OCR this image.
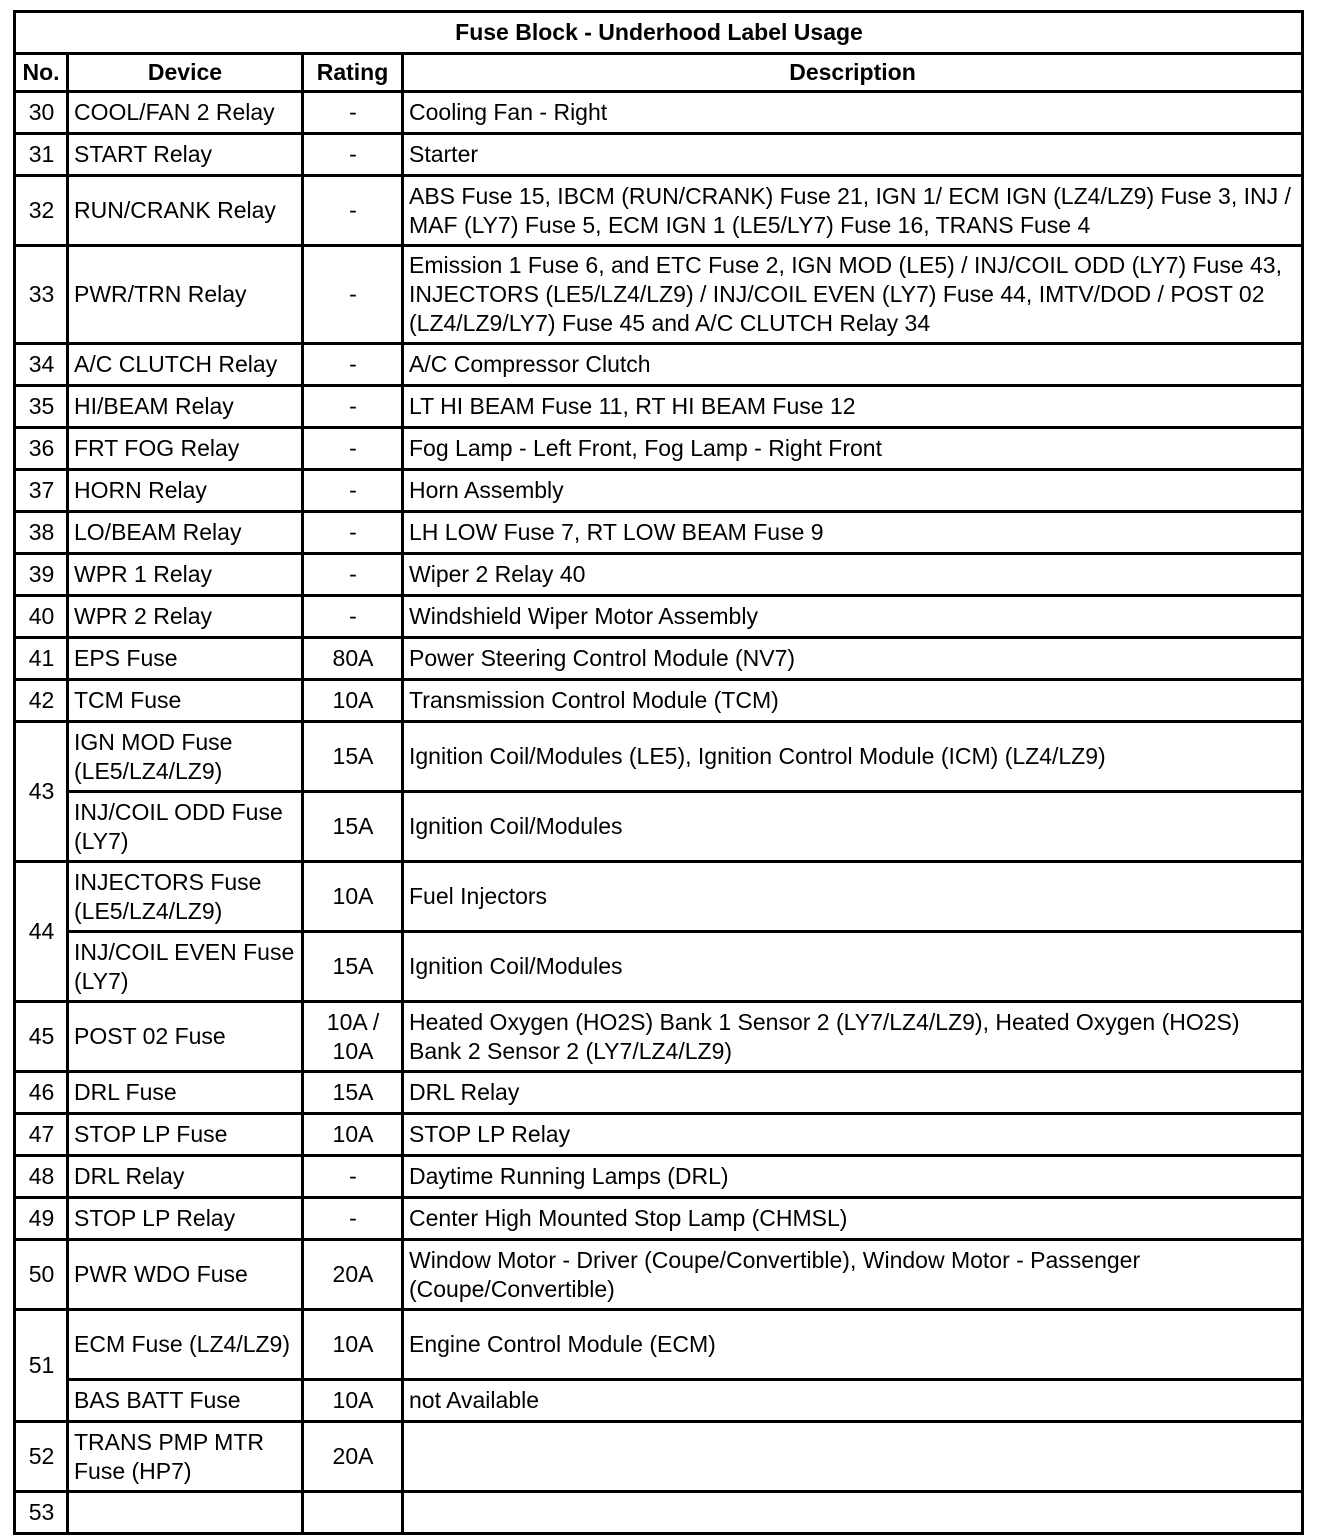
Fuse Block - Underhood Label Usage			
No.	Device	Rating	Description
30	COOL/FAN 2 Relay	-	Cooling Fan - Right
31	START Relay	-	Starter
32	RUN/CRANK Relay	-	ABS Fuse 15, IBCM (RUN/CRANK) Fuse 21, IGN 1/ ECM IGN (LZ4/LZ9) Fuse 3, INJ / MAF (LY7) Fuse 5, ECM IGN 1 (LE5/LY7) Fuse 16, TRANS Fuse 4
33	PWR/TRN Relay	-	Emission 1 Fuse 6, and ETC Fuse 2, IGN MOD (LE5) / INJ/COIL ODD (LY7) Fuse 43, INJECTORS (LE5/LZ4/LZ9) / INJ/COIL EVEN (LY7) Fuse 44, IMTV/DOD / POST 02 (LZ4/LZ9/LY7) Fuse 45 and A/C CLUTCH Relay 34
34	A/C CLUTCH Relay	-	A/C Compressor Clutch
35	HI/BEAM Relay	-	LT HI BEAM Fuse 11, RT HI BEAM Fuse 12
36	FRT FOG Relay	-	Fog Lamp - Left Front, Fog Lamp - Right Front
37	HORN Relay	-	Horn Assembly
38	LO/BEAM Relay	-	LH LOW Fuse 7, RT LOW BEAM Fuse 9
39	WPR 1 Relay	-	Wiper 2 Relay 40
40	WPR 2 Relay	-	Windshield Wiper Motor Assembly
41	EPS Fuse	80A	Power Steering Control Module (NV7)
42	TCM Fuse	10A	Transmission Control Module (TCM)
43	IGN MOD Fuse (LE5/LZ4/LZ9)	15A	Ignition Coil/Modules (LE5), Ignition Control Module (ICM) (LZ4/LZ9)
	INJ/COIL ODD Fuse (LY7)	15A	Ignition Coil/Modules
44	INJECTORS Fuse (LE5/LZ4/LZ9)	10A	Fuel Injectors
	INJ/COIL EVEN Fuse (LY7)	15A	Ignition Coil/Modules
45	POST 02 Fuse	10A / 10A	Heated Oxygen (HO2S) Bank 1 Sensor 2 (LY7/LZ4/LZ9), Heated Oxygen (HO2S) Bank 2 Sensor 2 (LY7/LZ4/LZ9)
46	DRL Fuse	15A	DRL Relay
47	STOP LP Fuse	10A	STOP LP Relay
48	DRL Relay	-	Daytime Running Lamps (DRL)
49	STOP LP Relay	-	Center High Mounted Stop Lamp (CHMSL)
50	PWR WDO Fuse	20A	Window Motor - Driver (Coupe/Convertible), Window Motor - Passenger (Coupe/Convertible)
51	ECM Fuse (LZ4/LZ9)	10A	Engine Control Module (ECM)
	BAS BATT Fuse	10A	not Available
52	TRANS PMP MTR Fuse (HP7)	20A	
53			
